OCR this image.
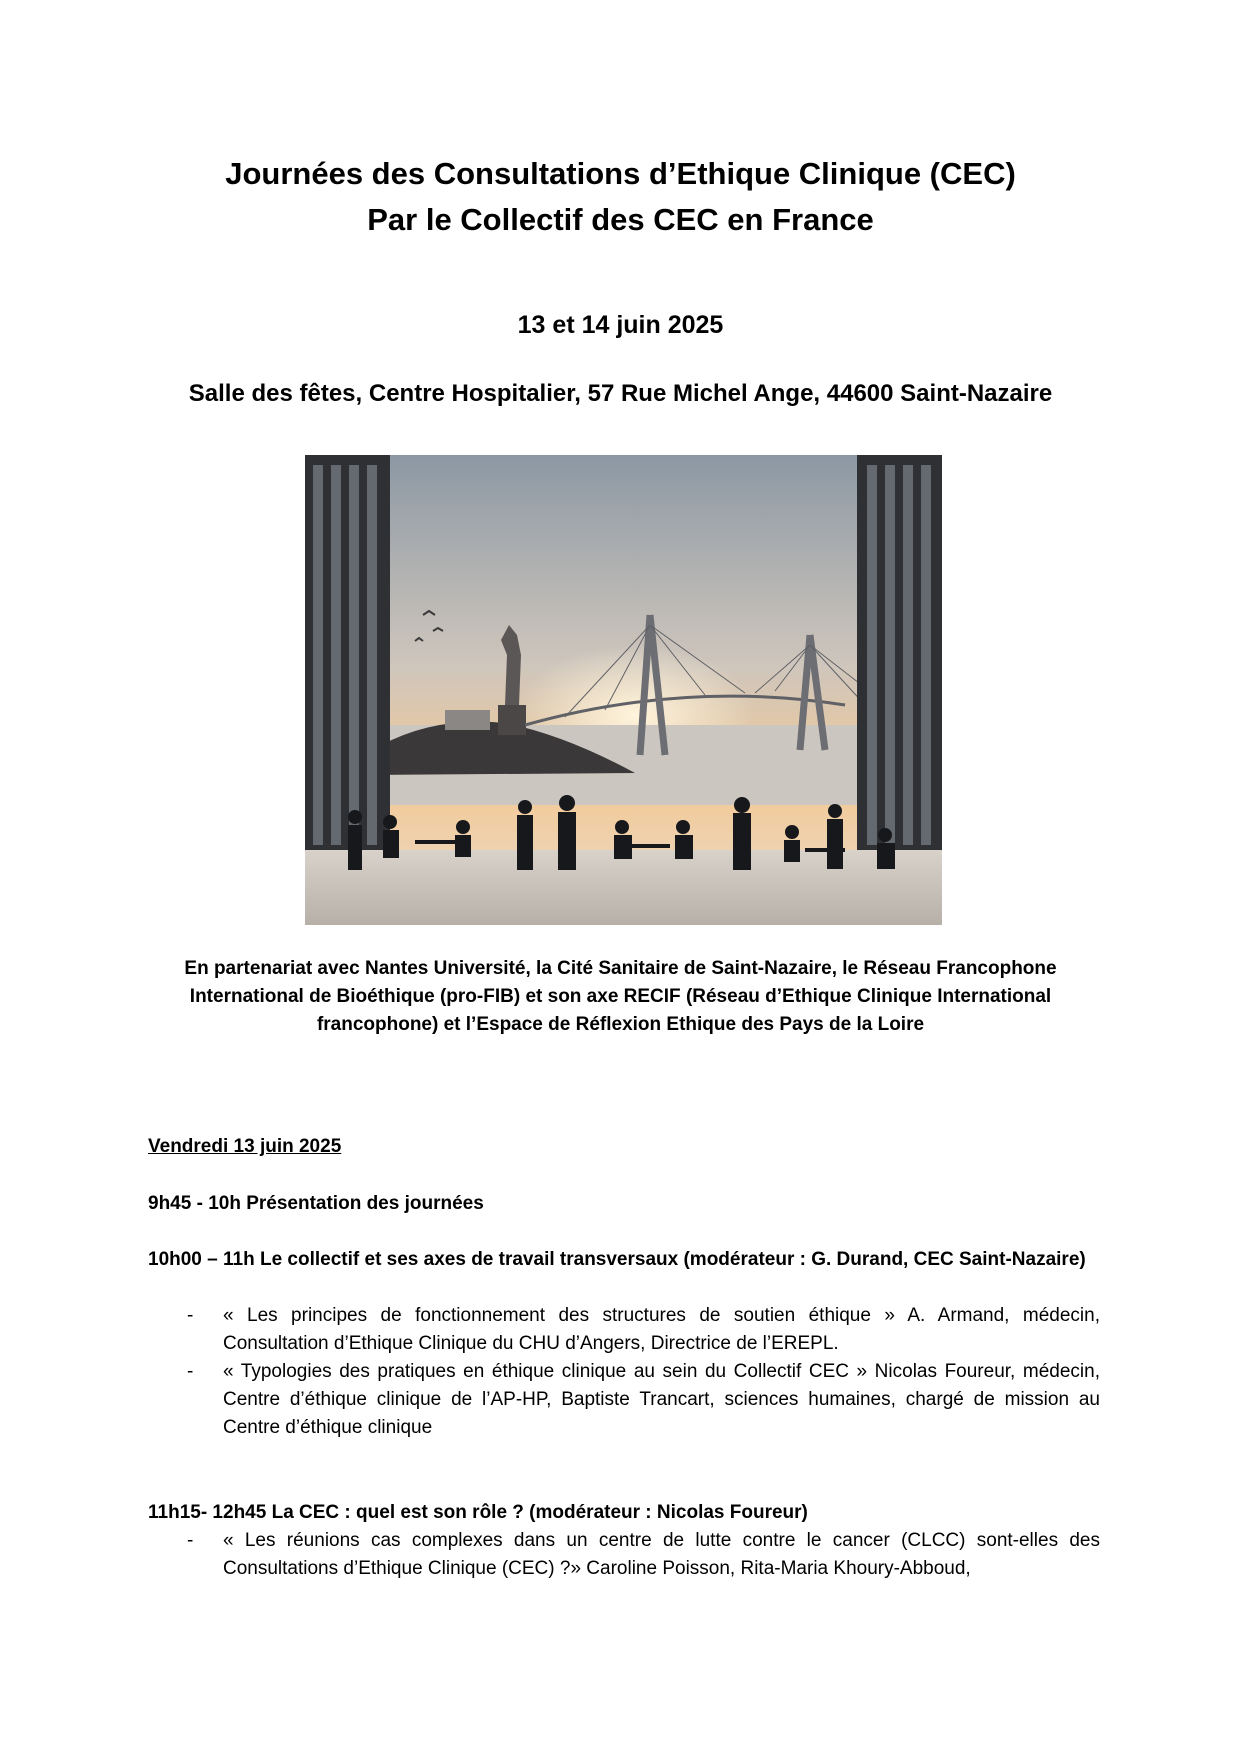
Journées des Consultations d’Ethique Clinique (CEC)
Par le Collectif des CEC en France
13 et 14 juin 2025
Salle des fêtes, Centre Hospitalier, 57 Rue Michel Ange, 44600 Saint-Nazaire
En partenariat avec Nantes Université, la Cité Sanitaire de Saint-Nazaire, le Réseau Francophone International de Bioéthique (pro-FIB) et son axe RECIF (Réseau d’Ethique Clinique International francophone) et l’Espace de Réflexion Ethique des Pays de la Loire
Vendredi 13 juin 2025
9h45 - 10h Présentation des journées
10h00 – 11h Le collectif et ses axes de travail transversaux (modérateur : G. Durand, CEC Saint-Nazaire)
- « Les principes de fonctionnement des structures de soutien éthique » A. Armand, médecin, Consultation d’Ethique Clinique du CHU d’Angers, Directrice de l’EREPL.
- « Typologies des pratiques en éthique clinique au sein du Collectif CEC » Nicolas Foureur, médecin, Centre d’éthique clinique de l’AP-HP, Baptiste Trancart, sciences humaines, chargé de mission au Centre d’éthique clinique
11h15- 12h45 La CEC : quel est son rôle ? (modérateur : Nicolas Foureur)
- « Les réunions cas complexes dans un centre de lutte contre le cancer (CLCC) sont-elles des Consultations d’Ethique Clinique (CEC) ?» Caroline Poisson, Rita-Maria Khoury-Abboud,
